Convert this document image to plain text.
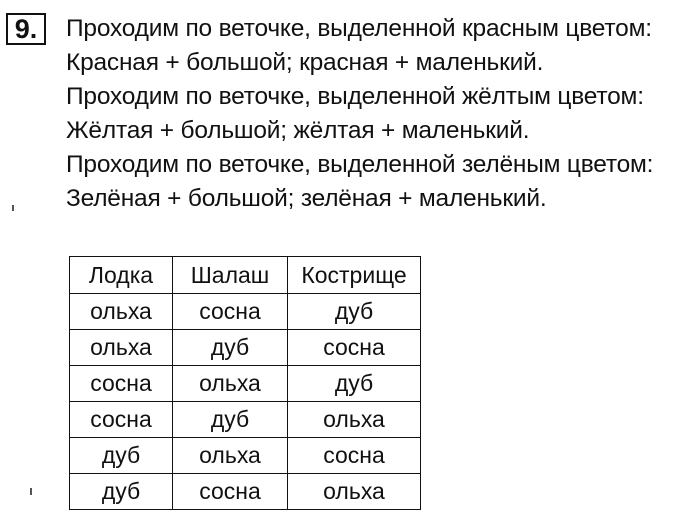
9.	Проходим по веточке, выделенной красным цветом:
Красная + большой; красная + маленький.
Проходим по веточке, выделенной жёлтым цветом:
Жёлтая + большой; жёлтая + маленький.
Проходим по веточке, выделенной зелёным цветом:
Зелёная + большой; зелёная + маленький.
Лодка	Шалаш	Кострище
ольха	сосна	дуб
ольха	дуб	сосна
сосна	ольха	дуб
сосна	дуб	ольха
дуб	ольха	сосна
дуб	сосна	ольха
